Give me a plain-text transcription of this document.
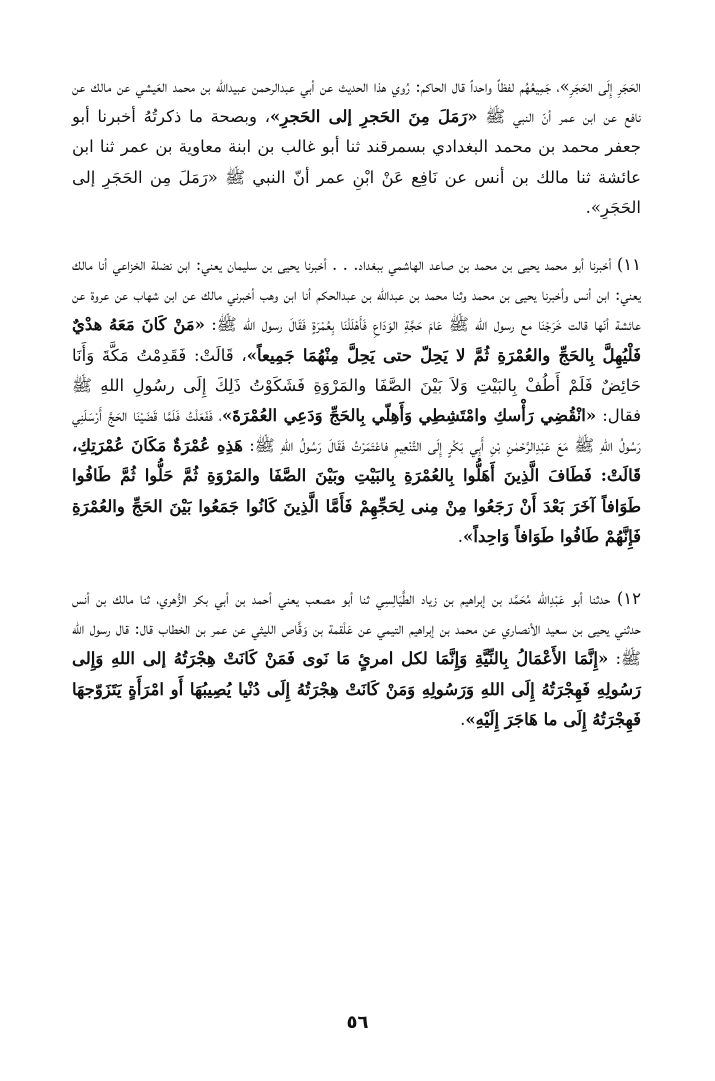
الحَجَرِ إِلَى الحَجَرِ»، جَمِيعُهُم لفظاً واحداً قال الحاكم: رُوي هذا الحديث عن أبي عبدالرحمن عبيدالله بن محمد العَيشي عن مالك عن نافع عن ابن عمر أنّ النبي ﷺ «رَمَلَ مِنَ الحَجرِ إلى الحَجرِ»، وبصحة ما ذكرتُهُ أخبرنا أبو جعفر محمد بن محمد البغدادي بسمرقند ثنا أبو غالب بن ابنة معاوية بن عمر ثنا ابن عائشة ثنا مالك بن أنس عن نَافِع عَنْ ابْنِ عمر أنّ النبي ﷺ «رَمَلَ مِن الحَجَرِ إلى الحَجَرِ».

١١) أخبرنا أبو محمد يحيى بن محمد بن صاعد الهاشمي ببغداد. . . أخبرنا يحيى بن سليمان يعني: ابن نضلة الخزاعي أنا مالك يعني: ابن أنس وأخبرنا يحيى بن محمد وثنا محمد بن عبدالله بن عبدالحكم أنا ابن وهب أخبرني مالك عن ابن شهاب عن عروة عن عائشة أنّها قالت خَرَجْنَا مع رسول الله ﷺ عَامَ حَجَّةِ الوَدَاعِ فَأَهْلَلْنَا بِعُمْرَةٍ فَقَالَ رسول الله ﷺ: «مَنْ كَانَ مَعَهُ هدْيٌ فَلْيُهِلَّ بِالحَجِّ والعُمْرَةِ ثُمَّ لا يَحِلّ حتى يَحِلَّ مِنْهُمَا جَمِيعاً»، قَالَتْ: فَقَدِمْتُ مَكَّةَ وَأَنَا حَائِضٌ فَلَمْ أَطُفْ بِالبَيْتِ وَلاَ بَيْنَ الصَّفَا والمَرْوَةِ فَشَكَوْتُ ذَلِكَ إِلَى رسُولِ اللهِ ﷺ فقال: «انْقُضِي رَأْسكِ وامْتَشِطِي وَأَهِلّي بِالحَجِّ وَدَعِي العُمْرَةَ»، فَفَعَلْتُ فَلَمَّا قَضَيْنَا الحَجَّ أَرْسَلَنِي رَسُولُ اللهِ ﷺ مَعَ عَبْدِالرَّحْمٰنِ بْنِ أَبِي بَكْرٍ إِلَى التَّنْعِيمِ فاعْتَمَرْتُ فَقَالَ رَسُولُ اللهِ ﷺ: هَذِهِ عُمْرَةٌ مَكَانَ عُمْرَتِكِ، قَالَتْ: فَطَافَ الَّذِينَ أَهَلُّوا بِالعُمْرَةِ بِالبَيْتِ وبَيْنَ الصَّفَا والمَرْوَةِ ثُمَّ حَلُّوا ثُمَّ طَافُوا طَوَافاً آخَرَ بَعْدَ أَنْ رَجَعُوا مِنْ مِنى لِحَجِّهِمْ فَأَمَّا الَّذِينَ كَانُوا جَمَعُوا بَيْنَ الحَجِّ والعُمْرَةِ فَإِنَّهُمْ طَافُوا طَوَافاً وَاحِداً».

١٢) حدثنا أبو عَبْدِالله مُحَمَّد بن إبراهيم بن زياد الطَّيَالِسِي ثنا أبو مصعب يعني أحمد بن أبي بكر الزُّهري، ثنا مالك بن أنس حدثني يحيى بن سعيد الأنصاري عن محمد بن إبراهيم التيمي عن عَلْقمة بن وَقَّاص الليثي عن عمر بن الخطاب قال: قال رسول الله ﷺ: «إِنَّمَا الأَعْمَالُ بِالنِّيَّةِ وَإِنَّمَا لكل امرئٍ مَا نَوى فَمَنْ كَانَتْ هِجْرَتُهُ إلى اللهِ وَإِلى رَسُولِهِ فَهِجْرَتُهُ إِلَى اللهِ وَرَسُولِهِ وَمَنْ كَانَتْ هِجْرَتُهُ إِلَى دُنْيا يُصِيبُهَا أَو امْرَأَةٍ يَتَزَوّجهَا فَهِجْرَتُهُ إِلَى ما هَاجَرَ إِلَيْهِ».

٥٦
